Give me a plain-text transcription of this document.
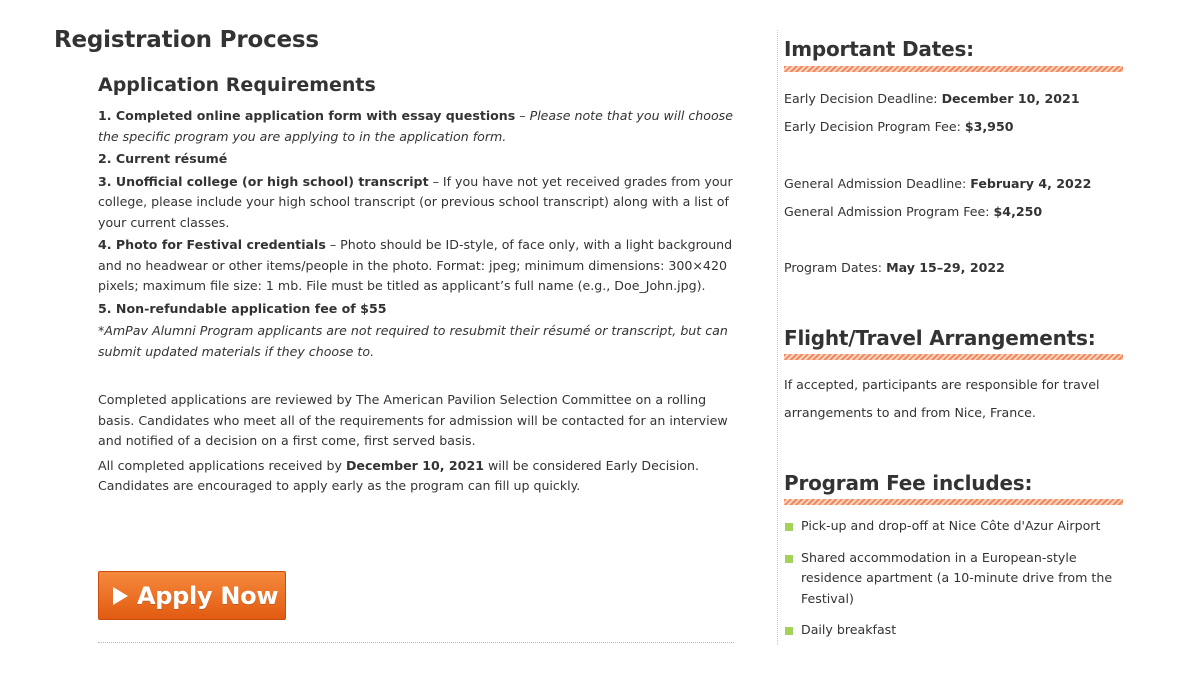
Registration Process
Application Requirements

1. Completed online application form with essay questions – Please note that you will choose the specific program you are applying to in the application form.

2. Current résumé

3. Unofficial college (or high school) transcript – If you have not yet received grades from your college, please include your high school transcript (or previous school transcript) along with a list of your current classes.

4. Photo for Festival credentials – Photo should be ID-style, of face only, with a light background and no headwear or other items/people in the photo. Format: jpeg; minimum dimensions: 300×420 pixels; maximum file size: 1 mb. File must be titled as applicant’s full name (e.g., Doe_John.jpg).

5. Non-refundable application fee of $55

*AmPav Alumni Program applicants are not required to resubmit their résumé or transcript, but can submit updated materials if they choose to.

Completed applications are reviewed by The American Pavilion Selection Committee on a rolling basis. Candidates who meet all of the requirements for admission will be contacted for an interview and notified of a decision on a first come, first served basis.

All completed applications received by December 10, 2021 will be considered Early Decision. Candidates are encouraged to apply early as the program can fill up quickly.

Apply Now
Important Dates:

Early Decision Deadline: December 10, 2021

Early Decision Program Fee: $3,950

General Admission Deadline: February 4, 2022

General Admission Program Fee: $4,250

Program Dates: May 15–29, 2022

Flight/Travel Arrangements:

If accepted, participants are responsible for travel arrangements to and from Nice, France.

Program Fee includes:
Pick-up and drop-off at Nice Côte d'Azur Airport
Shared accommodation in a European-style residence apartment (a 10-minute drive from the Festival)
Daily breakfast
